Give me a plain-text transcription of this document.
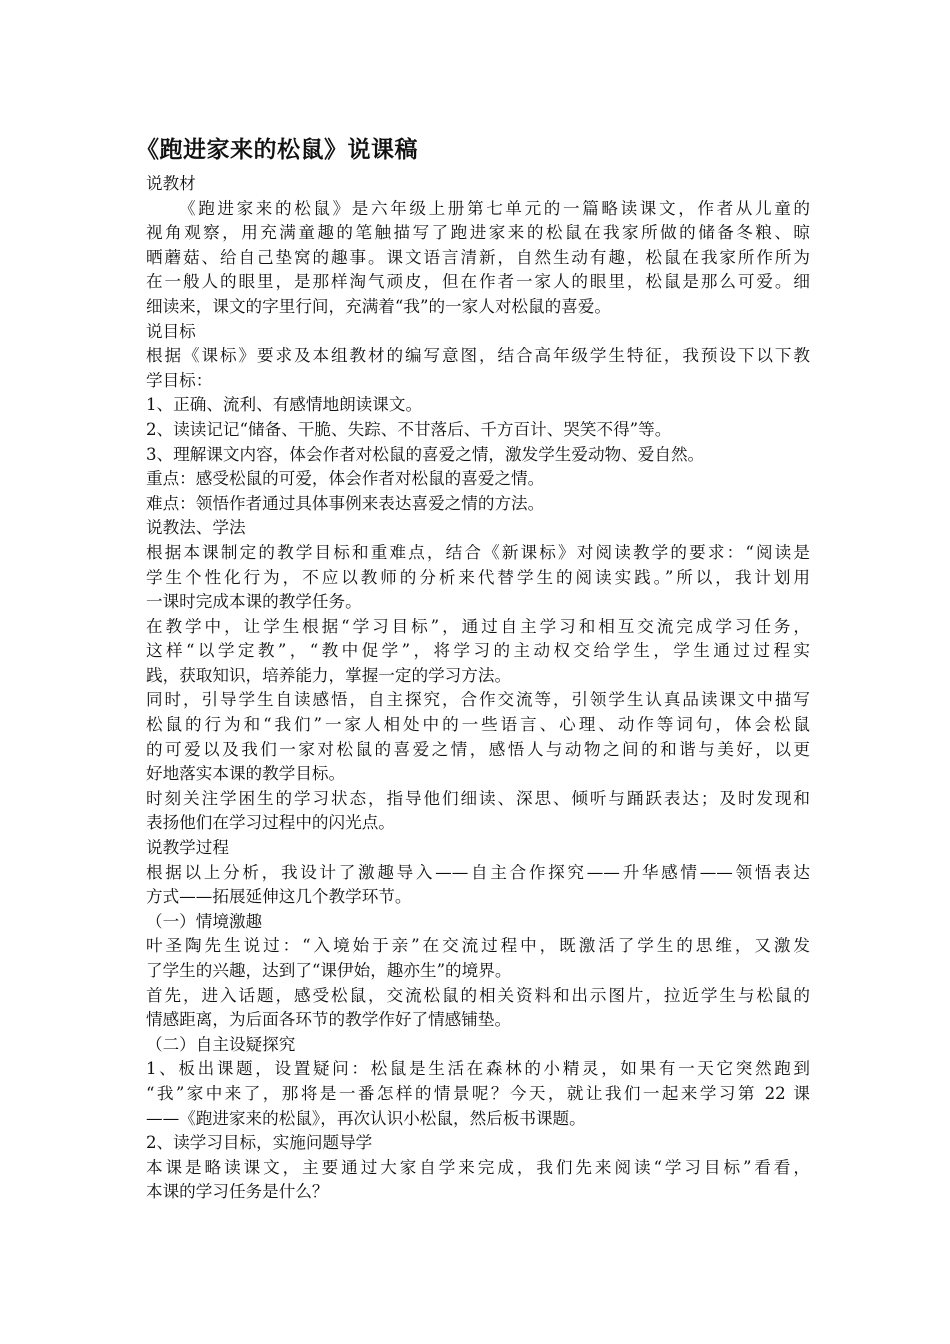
《跑进家来的松鼠》说课稿
说教材
《跑进家来的松鼠》是六年级上册第七单元的一篇略读课文，作者从儿童的
视角观察，用充满童趣的笔触描写了跑进家来的松鼠在我家所做的储备冬粮、晾
晒蘑菇、给自己垫窝的趣事。课文语言清新，自然生动有趣，松鼠在我家所作所为
在一般人的眼里，是那样淘气顽皮，但在作者一家人的眼里，松鼠是那么可爱。细
细读来，课文的字里行间，充满着“我”的一家人对松鼠的喜爱。
说目标
根据《课标》要求及本组教材的编写意图，结合高年级学生特征，我预设下以下教
学目标：
1、正确、流利、有感情地朗读课文。
2、读读记记“储备、干脆、失踪、不甘落后、千方百计、哭笑不得”等。
3、理解课文内容，体会作者对松鼠的喜爱之情，激发学生爱动物、爱自然。
重点：感受松鼠的可爱，体会作者对松鼠的喜爱之情。
难点：领悟作者通过具体事例来表达喜爱之情的方法。
说教法、学法
根据本课制定的教学目标和重难点，结合《新课标》对阅读教学的要求：“阅读是
学生个性化行为，不应以教师的分析来代替学生的阅读实践。”所以，我计划用
一课时完成本课的教学任务。
在教学中，让学生根据“学习目标”，通过自主学习和相互交流完成学习任务，
这样“以学定教”，“教中促学”，将学习的主动权交给学生，学生通过过程实
践，获取知识，培养能力，掌握一定的学习方法。
同时，引导学生自读感悟，自主探究，合作交流等，引领学生认真品读课文中描写
松鼠的行为和“我们”一家人相处中的一些语言、心理、动作等词句，体会松鼠
的可爱以及我们一家对松鼠的喜爱之情，感悟人与动物之间的和谐与美好，以更
好地落实本课的教学目标。
时刻关注学困生的学习状态，指导他们细读、深思、倾听与踊跃表达；及时发现和
表扬他们在学习过程中的闪光点。
说教学过程
根据以上分析，我设计了激趣导入——自主合作探究——升华感情——领悟表达
方式——拓展延伸这几个教学环节。
（一）情境激趣
叶圣陶先生说过：“入境始于亲”在交流过程中，既激活了学生的思维，又激发
了学生的兴趣，达到了“课伊始，趣亦生”的境界。
首先，进入话题，感受松鼠，交流松鼠的相关资料和出示图片，拉近学生与松鼠的
情感距离，为后面各环节的教学作好了情感铺垫。
（二）自主设疑探究
1、板出课题，设置疑问：松鼠是生活在森林的小精灵，如果有一天它突然跑到
“我”家中来了，那将是一番怎样的情景呢？今天，就让我们一起来学习第 22 课
——《跑进家来的松鼠》，再次认识小松鼠，然后板书课题。
2、读学习目标，实施问题导学
本课是略读课文，主要通过大家自学来完成，我们先来阅读“学习目标”看看，
本课的学习任务是什么？
